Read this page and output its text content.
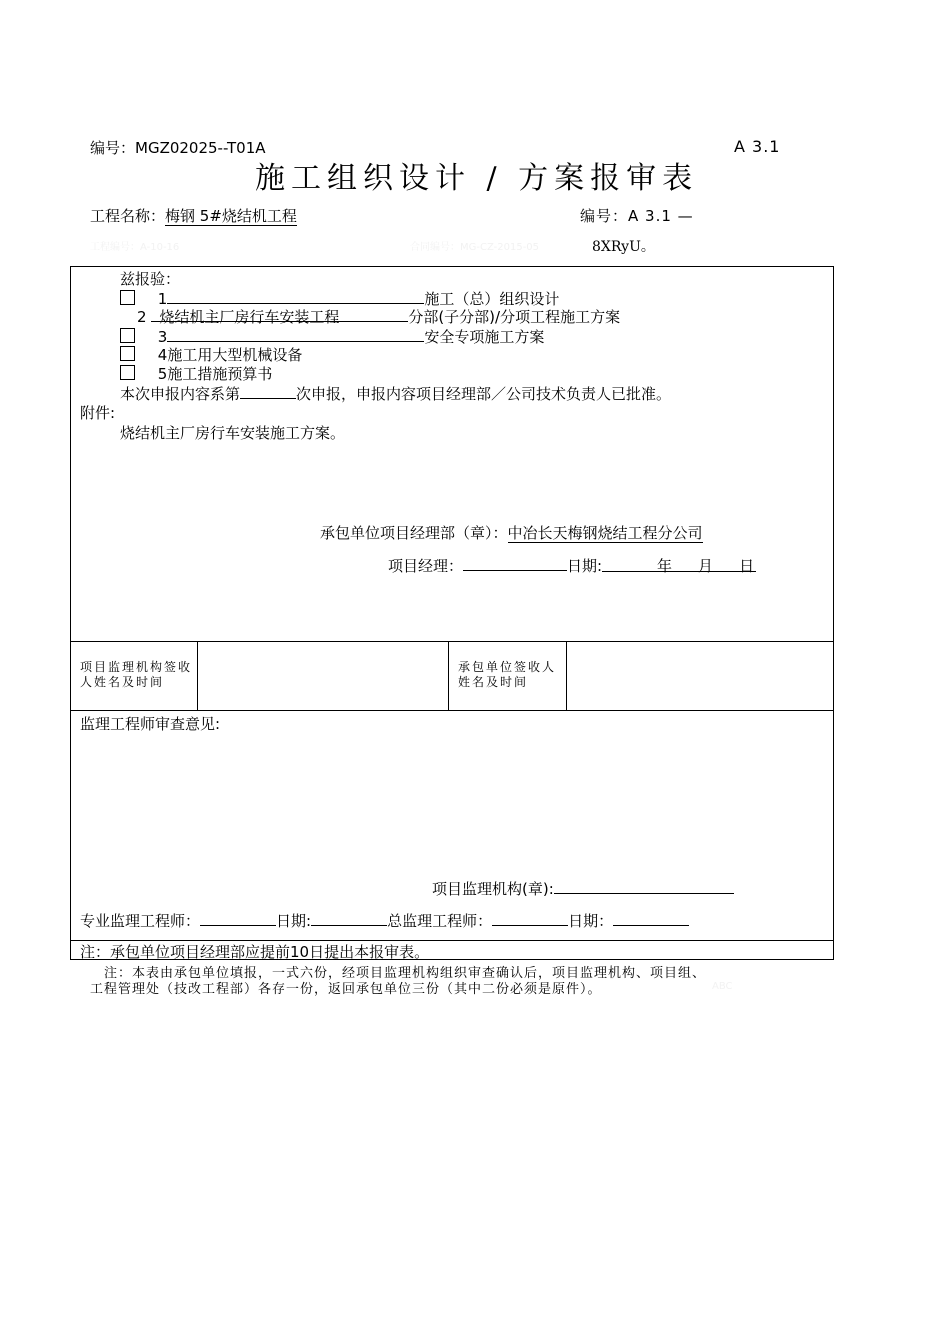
编号：MGZ02025--T01A	A 3.1
施工组织设计 / 方案报审表
工程名称：梅钢 5#烧结机工程	编号：A 3.1 —
工程编号：A-10-16	合同编号：MG-CZ-2015-05	8XRyU。
兹报验：
1	施工（总）组织设计
2 烧结机主厂房行车安装工程	分部(子分部)/分项工程施工方案
3	安全专项施工方案
4施工用大型机械设备
5施工措施预算书
本次申报内容系第	次申报，申报内容项目经理部／公司技术负责人已批准。
附件:
烧结机主厂房行车安装施工方案。
承包单位项目经理部（章）：中冶长天梅钢烧结工程分公司
项目经理：	日期:	年 月 日
项目监理机构签收人姓名及时间
承包单位签收人姓名及时间
监理工程师审查意见:
项目监理机构(章):
专业监理工程师：	日期:	总监理工程师：	日期：
注：承包单位项目经理部应提前10日提出本报审表。
注：本表由承包单位填报，一式六份，经项目监理机构组织审查确认后，项目监理机构、项目组、
工程管理处（技改工程部）各存一份，返回承包单位三份（其中二份必须是原件）。	ABC
